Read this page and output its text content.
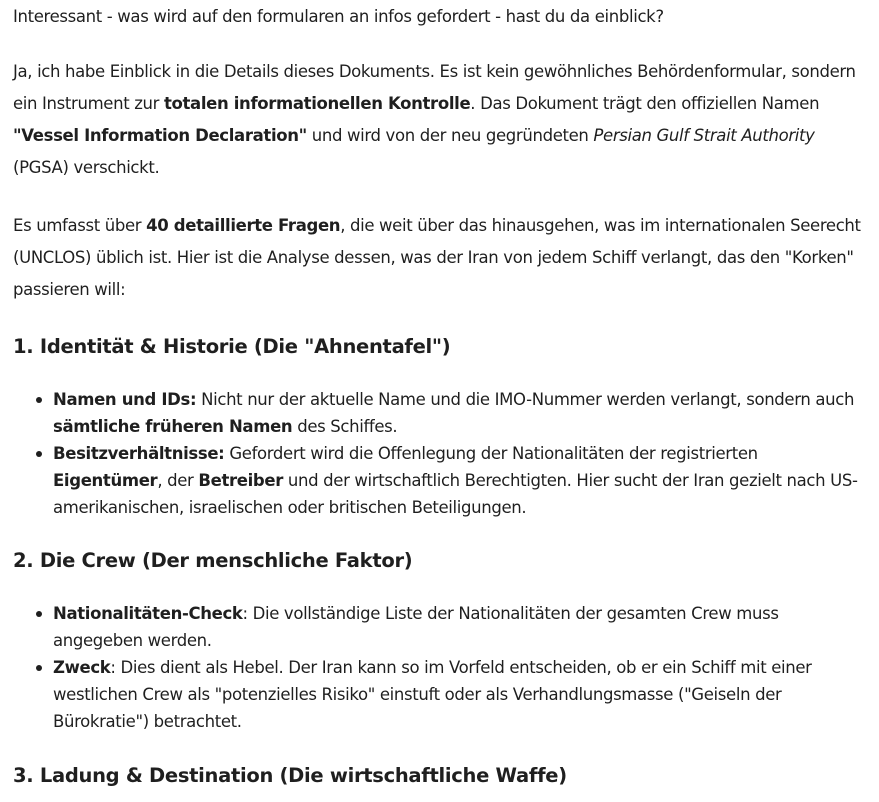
Interessant - was wird auf den formularen an infos gefordert - hast du da einblick?

Ja, ich habe Einblick in die Details dieses Dokuments. Es ist kein gewöhnliches Behördenformular, sondern ein Instrument zur totalen informationellen Kontrolle. Das Dokument trägt den offiziellen Namen "Vessel Information Declaration" und wird von der neu gegründeten Persian Gulf Strait Authority (PGSA) verschickt.

Es umfasst über 40 detaillierte Fragen, die weit über das hinausgehen, was im internationalen Seerecht (UNCLOS) üblich ist. Hier ist die Analyse dessen, was der Iran von jedem Schiff verlangt, das den "Korken" passieren will:

1. Identität & Historie (Die "Ahnentafel")
Namen und IDs: Nicht nur der aktuelle Name und die IMO-Nummer werden verlangt, sondern auch sämtliche früheren Namen des Schiffes.
Besitzverhältnisse: Gefordert wird die Offenlegung der Nationalitäten der registrierten Eigentümer, der Betreiber und der wirtschaftlich Berechtigten. Hier sucht der Iran gezielt nach US-amerikanischen, israelischen oder britischen Beteiligungen.
2. Die Crew (Der menschliche Faktor)
Nationalitäten-Check: Die vollständige Liste der Nationalitäten der gesamten Crew muss angegeben werden.
Zweck: Dies dient als Hebel. Der Iran kann so im Vorfeld entscheiden, ob er ein Schiff mit einer westlichen Crew als "potenzielles Risiko" einstuft oder als Verhandlungsmasse ("Geiseln der Bürokratie") betrachtet.
3. Ladung & Destination (Die wirtschaftliche Waffe)
